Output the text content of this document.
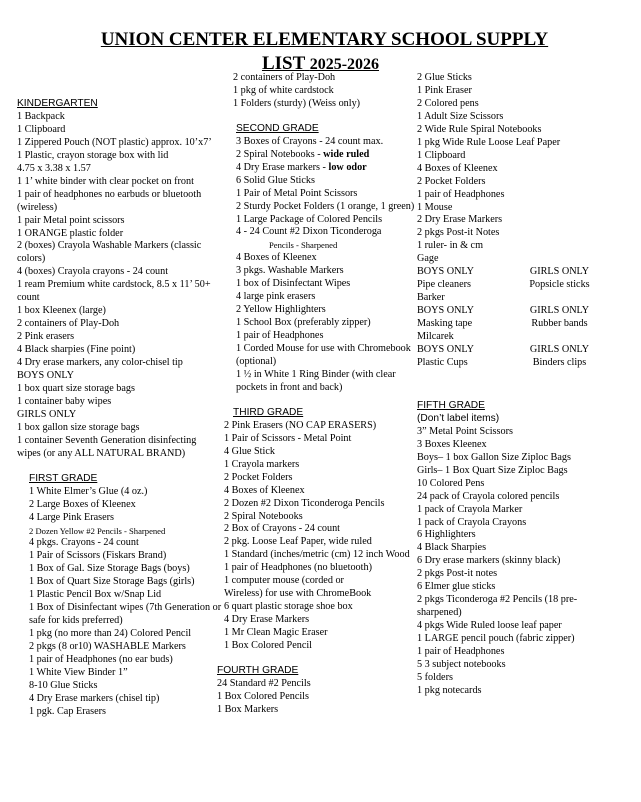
UNION CENTER ELEMENTARY SCHOOL SUPPLY
LIST 2025-2026
KINDERGARTEN
1 Backpack
1 Clipboard
1 Zippered Pouch (NOT plastic) approx. 10’x7’
1 Plastic, crayon storage box with lid
4.75 x 3.38 x 1.57
1 1’ white binder with clear pocket on front
1 pair of headphones no earbuds or bluetooth (wireless)
1 pair Metal point scissors
1 ORANGE plastic folder
2 (boxes) Crayola Washable Markers (classic colors)
4 (boxes) Crayola crayons - 24 count
1 ream Premium white cardstock, 8.5 x 11’ 50+ count
1 box Kleenex (large)
2 containers of Play-Doh
2 Pink erasers
4 Black sharpies (Fine point)
4 Dry erase markers, any color-chisel tip
BOYS ONLY
1 box quart size storage bags
1 container baby wipes
GIRLS ONLY
1 box gallon size storage bags
1 container Seventh Generation disinfecting wipes (or any ALL NATURAL BRAND)
FIRST GRADE
1 White Elmer’s Glue (4 oz.)
2 Large Boxes of Kleenex
4 Large Pink Erasers
2 Dozen Yellow #2 Pencils - Sharpened
4 pkgs. Crayons - 24 count
1 Pair of Scissors (Fiskars Brand)
1 Box of Gal. Size Storage Bags (boys)
1 Box of Quart Size Storage Bags (girls)
1 Plastic Pencil Box w/Snap Lid
1 Box of Disinfectant wipes (7th Generation or safe for kids preferred)
1 pkg (no more than 24) Colored Pencil
2 pkgs (8 or10) WASHABLE Markers
1 pair of Headphones (no ear buds)
1 White View Binder 1”
8-10 Glue Sticks
4 Dry Erase markers (chisel tip)
1 pgk. Cap Erasers
2 containers of Play-Doh
1 pkg of white cardstock
1 Folders (sturdy) (Weiss only)
SECOND GRADE
3 Boxes of Crayons - 24 count max.
2 Spiral Notebooks - wide ruled
4 Dry Erase markers - low odor
6 Solid Glue Sticks
1 Pair of Metal Point Scissors
2 Sturdy Pocket Folders (1 orange, 1 green)
1 Large Package of Colored Pencils
4 - 24 Count #2 Dixon Ticonderoga
Pencils - Sharpened
4 Boxes of Kleenex
3 pkgs. Washable Markers
1 box of Disinfectant Wipes
4 large pink erasers
2 Yellow Highlighters
1 School Box (preferably zipper)
1 pair of Headphones
1 Corded Mouse for use with Chromebook (optional)
1 ½ in White 1 Ring Binder (with clear pockets in front and back)
THIRD GRADE
2 Pink Erasers (NO CAP ERASERS)
1 Pair of Scissors - Metal Point
4 Glue Stick
1 Crayola markers
2 Pocket Folders
4 Boxes of Kleenex
2 Dozen #2 Dixon Ticonderoga Pencils
2 Spiral Notebooks
2 Box of Crayons - 24 count
2 pkg. Loose Leaf Paper, wide ruled
1 Standard (inches/metric (cm) 12 inch Wood
1 pair of Headphones (no bluetooth)
1 computer mouse (corded or
Wireless) for use with ChromeBook
6 quart plastic storage shoe box
4 Dry Erase Markers
1 Mr Clean Magic Eraser
1 Box Colored Pencil
FOURTH GRADE
24 Standard #2 Pencils
1 Box Colored Pencils
1 Box Markers
2 Glue Sticks
1 Pink Eraser
2 Colored pens
1 Adult Size Scissors
2 Wide Rule Spiral Notebooks
1 pkg Wide Rule Loose Leaf Paper
1 Clipboard
4 Boxes of Kleenex
2 Pocket Folders
1 pair of Headphones
1 Mouse
2 Dry Erase Markers
2 pkgs Post-it Notes
1 ruler- in & cm
Gage
BOYS ONLY	GIRLS ONLY
Pipe cleaners	Popsicle sticks
Barker
BOYS ONLY	GIRLS ONLY
Masking tape	Rubber bands
Milcarek
BOYS ONLY	GIRLS ONLY
Plastic Cups	Binders clips
FIFTH GRADE
(Don’t label items)
3” Metal Point Scissors
3 Boxes Kleenex
Boys– 1 box Gallon Size Ziploc Bags
Girls– 1 Box Quart Size Ziploc Bags
10 Colored Pens
24 pack of Crayola colored pencils
1 pack of Crayola Marker
1 pack of Crayola Crayons
6 Highlighters
4 Black Sharpies
6 Dry erase markers (skinny black)
2 pkgs Post-it notes
6 Elmer glue sticks
2 pkgs Ticonderoga #2 Pencils (18 pre-sharpened)
4 pkgs Wide Ruled loose leaf paper
1 LARGE pencil pouch (fabric zipper)
1 pair of Headphones
5 3 subject notebooks
5 folders
1 pkg notecards
